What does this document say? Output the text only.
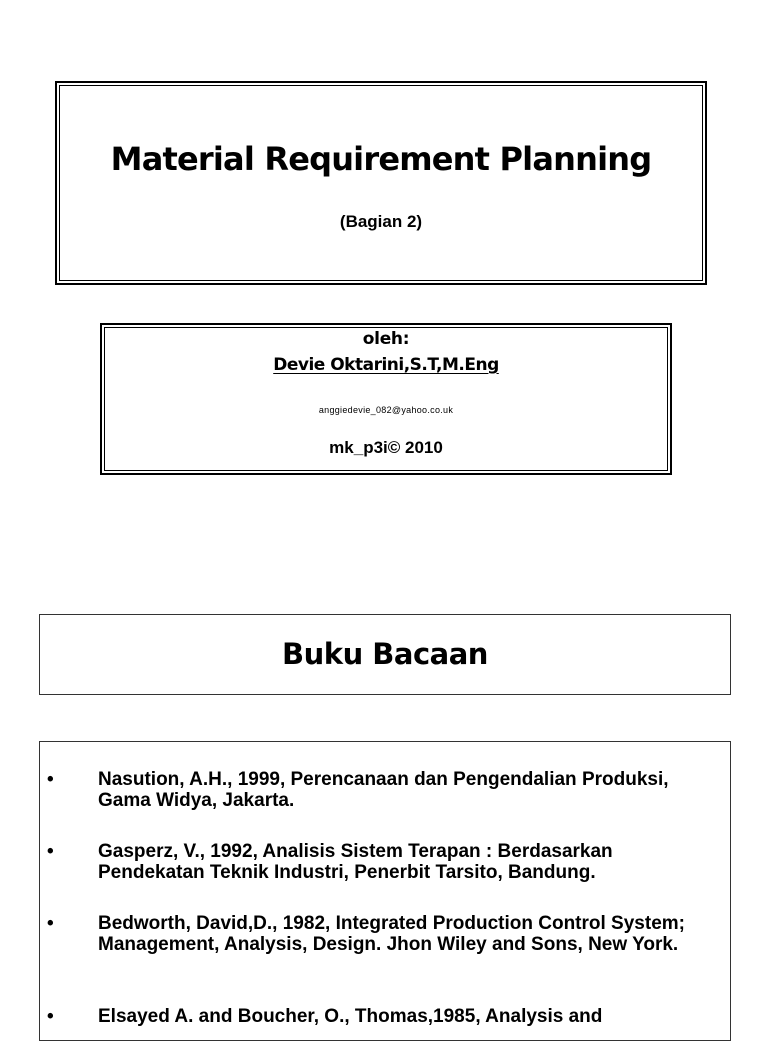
Material Requirement Planning
(Bagian 2)
oleh:
Devie Oktarini,S.T,M.Eng
anggiedevie_082@yahoo.co.uk
mk_p3i© 2010
Buku Bacaan
• Nasution, A.H., 1999, Perencanaan dan Pengendalian Produksi, Gama Widya, Jakarta.

• Gasperz, V., 1992, Analisis Sistem Terapan : Berdasarkan Pendekatan Teknik Industri, Penerbit Tarsito, Bandung.

• Bedworth, David,D., 1982, Integrated Production Control System; Management, Analysis, Design. Jhon Wiley and Sons, New York.

• Elsayed A. and Boucher, O., Thomas,1985, Analysis and
